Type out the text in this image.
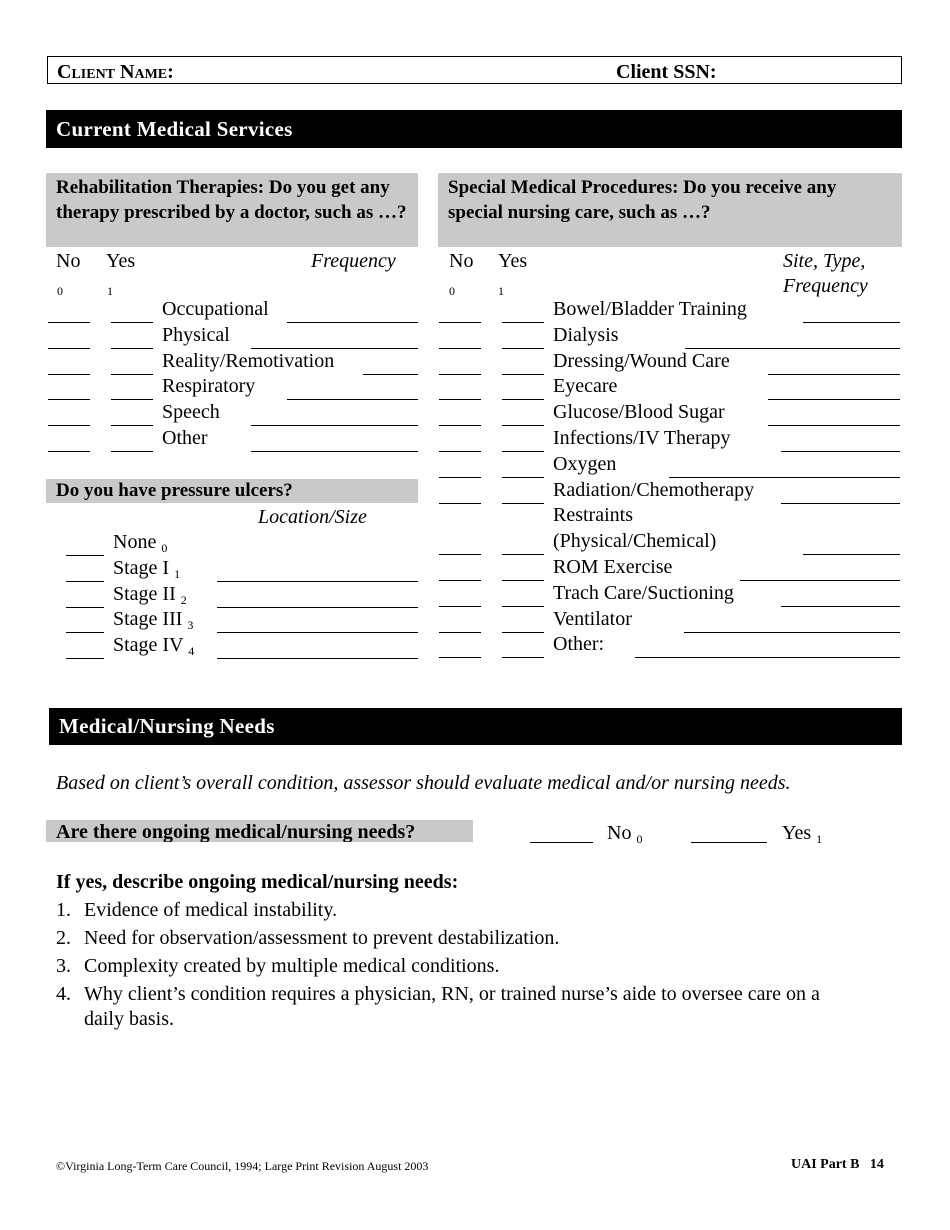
Client Name:	Client SSN:
Current Medical Services
Rehabilitation Therapies: Do you get any therapy prescribed by a doctor, such as …?
Special Medical Procedures: Do you receive any special nursing care, such as …?
No Yes	Frequency
0	1
No Yes	Site, Type,
Frequency
0	1
Occupational
Physical
Reality/Remotivation
Respiratory
Speech
Other
Do you have pressure ulcers?
Location/Size
None $_0$
Stage I $_1$
Stage II $_2$
Stage III $_3$
Stage IV $_4$
Bowel/Bladder Training
Dialysis
Dressing/Wound Care
Eyecare
Glucose/Blood Sugar
Infections/IV Therapy
Oxygen
Radiation/Chemotherapy
Restraints
(Physical/Chemical)
ROM Exercise
Trach Care/Suctioning
Ventilator
Other:
Medical/Nursing Needs
Based on client’s overall condition, assessor should evaluate medical and/or nursing needs.
Are there ongoing medical/nursing needs?	No $_0$	Yes $_1$
If yes, describe ongoing medical/nursing needs:
1. Evidence of medical instability.
2. Need for observation/assessment to prevent destabilization.
3. Complexity created by multiple medical conditions.
4. Why client’s condition requires a physician, RN, or trained nurse’s aide to oversee care on a
daily basis.
©Virginia Long-Term Care Council, 1994; Large Print Revision August 2003	UAI Part B   14
